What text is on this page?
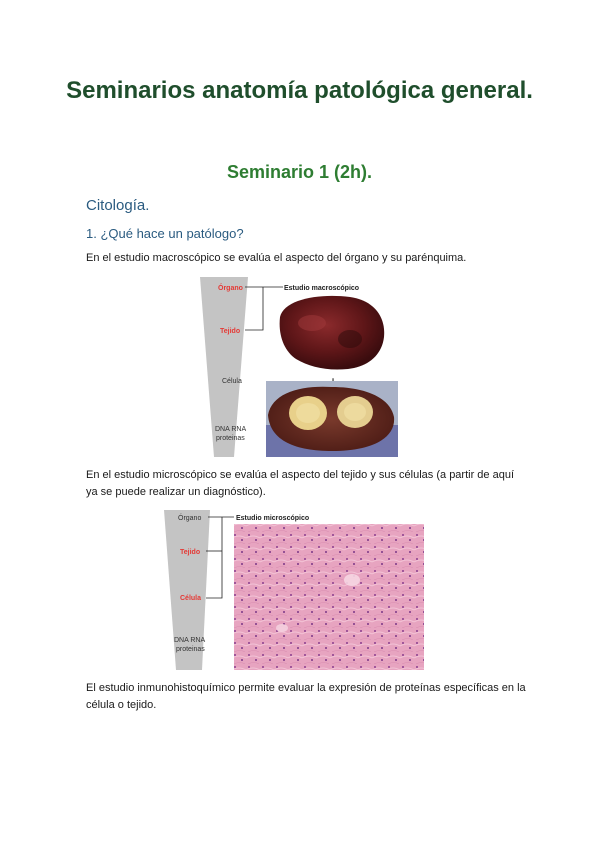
Seminarios anatomía patológica general.
Seminario 1 (2h).
Citología.
1. ¿Qué hace un patólogo?

En el estudio macroscópico se evalúa el aspecto del órgano y su parénquima.

Órgano
Tejido
Célula
DNA RNA
proteinas
Estudio macroscópico

En el estudio microscópico se evalúa el aspecto del tejido y sus células (a partir de aquí ya se puede realizar un diagnóstico).

Órgano
Tejido
Célula
DNA RNA
proteinas
Estudio microscópico

El estudio inmunohistoquímico permite evaluar la expresión de proteínas específicas en la célula o tejido.
